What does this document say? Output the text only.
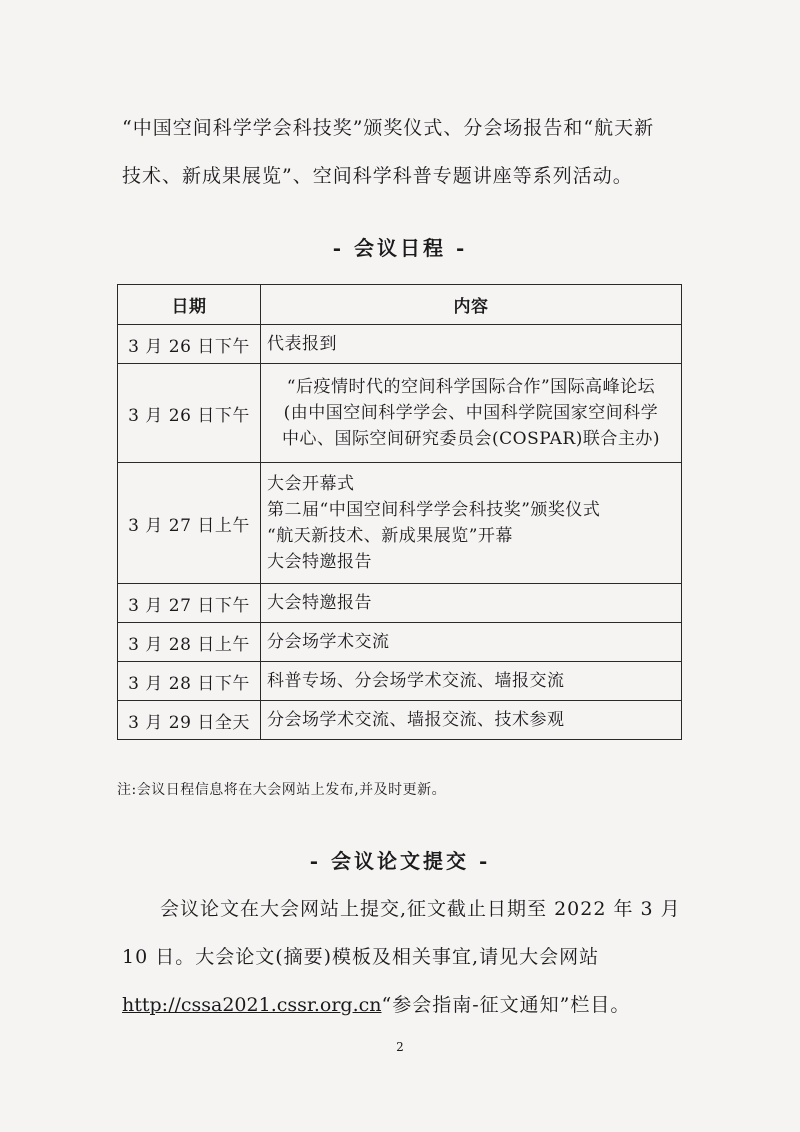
“中国空间科学学会科技奖”颁奖仪式、分会场报告和“航天新
技术、新成果展览”、空间科学科普专题讲座等系列活动。

- 会议日程 -
日期	内容
3 月 26 日下午	代表报到

3 月 26 日下午	“后疫情时代的空间科学国际合作”国际高峰论坛
(由中国空间科学学会、中国科学院国家空间科学
中心、国际空间研究委员会(COSPAR)联合主办)

3 月 27 日上午	大会开幕式
第二届“中国空间科学学会科技奖”颁奖仪式
“航天新技术、新成果展览”开幕
大会特邀报告

3 月 27 日下午	大会特邀报告

3 月 28 日上午	分会场学术交流

3 月 28 日下午	科普专场、分会场学术交流、墙报交流

3 月 29 日全天	分会场学术交流、墙报交流、技术参观

注:会议日程信息将在大会网站上发布,并及时更新。

- 会议论文提交 -

会议论文在大会网站上提交,征文截止日期至 2022 年 3 月
10 日。大会论文(摘要)模板及相关事宜,请见大会网站
http://cssa2021.cssr.org.cn“参会指南-征文通知”栏目。

2
